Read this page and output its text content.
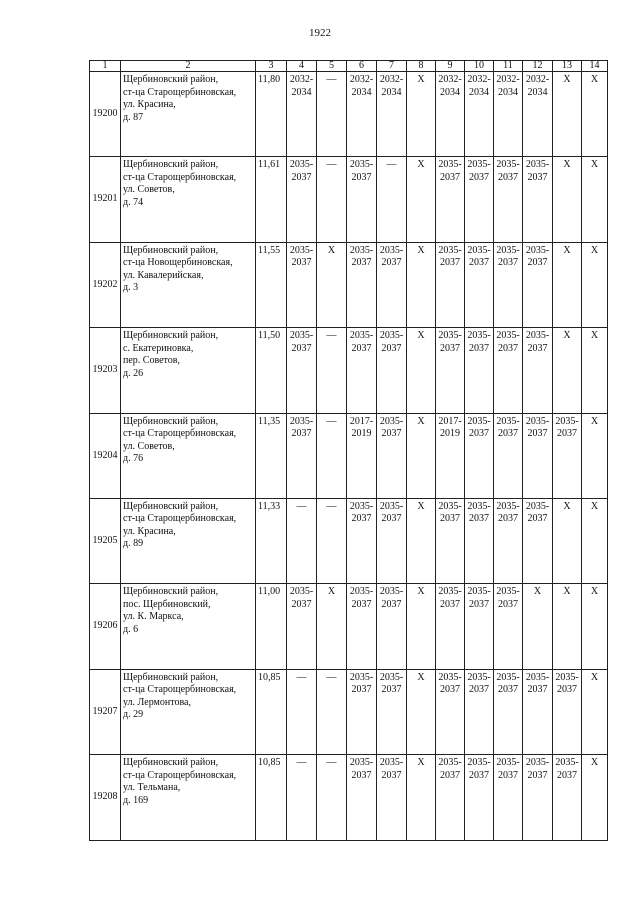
1922
1	2	3	4	5	6	7	8	9	10	11	12	13	14
19200	Щербиновский район,
ст-ца Старощербиновская,
ул. Красина,
д. 87	11,80	2032-2034	—	2032-2034	2032-2034	X	2032-2034	2032-2034	2032-2034	2032-2034	X	X
19201	Щербиновский район,
ст-ца Старощербиновская,
ул. Советов,
д. 74	11,61	2035-2037	—	2035-2037	—	X	2035-2037	2035-2037	2035-2037	2035-2037	X	X
19202	Щербиновский район,
ст-ца Новощербиновская,
ул. Кавалерийская,
д. 3	11,55	2035-2037	X	2035-2037	2035-2037	X	2035-2037	2035-2037	2035-2037	2035-2037	X	X
19203	Щербиновский район,
с. Екатериновка,
пер. Советов,
д. 26	11,50	2035-2037	—	2035-2037	2035-2037	X	2035-2037	2035-2037	2035-2037	2035-2037	X	X
19204	Щербиновский район,
ст-ца Старощербиновская,
ул. Советов,
д. 76	11,35	2035-2037	—	2017-2019	2035-2037	X	2017-2019	2035-2037	2035-2037	2035-2037	2035-2037	X
19205	Щербиновский район,
ст-ца Старощербиновская,
ул. Красина,
д. 89	11,33	—	—	2035-2037	2035-2037	X	2035-2037	2035-2037	2035-2037	2035-2037	X	X
19206	Щербиновский район,
пос. Щербиновский,
ул. К. Маркса,
д. 6	11,00	2035-2037	X	2035-2037	2035-2037	X	2035-2037	2035-2037	2035-2037	X	X	X
19207	Щербиновский район,
ст-ца Старощербиновская,
ул. Лермонтова,
д. 29	10,85	—	—	2035-2037	2035-2037	X	2035-2037	2035-2037	2035-2037	2035-2037	2035-2037	X
19208	Щербиновский район,
ст-ца Старощербиновская,
ул. Тельмана,
д. 169	10,85	—	—	2035-2037	2035-2037	X	2035-2037	2035-2037	2035-2037	2035-2037	2035-2037	X
